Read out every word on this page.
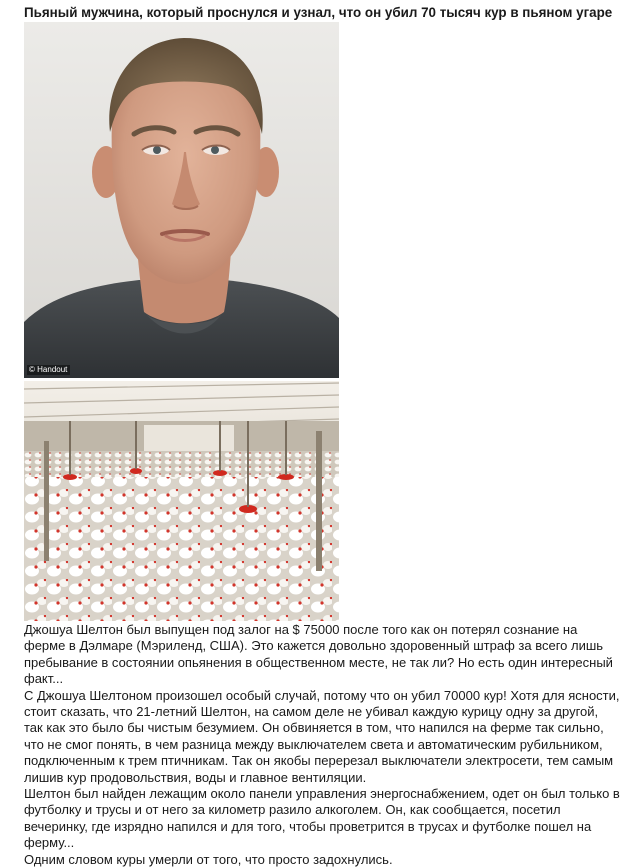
Пьяный мужчина, который проснулся и узнал, что он убил 70 тысяч кур в пьяном угаре
© Handout

Джошуа Шелтон был выпущен под залог на $ 75000 после того как он потерял сознание на ферме в Дэлмаре (Мэриленд, США). Это кажется довольно здоровенный штраф за всего лишь пребывание в состоянии опьянения в общественном месте, не так ли? Но есть один интересный факт...

С Джошуа Шелтоном произошел особый случай, потому что он убил 70000 кур! Хотя для ясности, стоит сказать, что 21-летний Шелтон, на самом деле не убивал каждую курицу одну за другой, так как это было бы чистым безумием. Он обвиняется в том, что напился на ферме так сильно, что не смог понять, в чем разница между выключателем света и автоматическим рубильником, подключенным к трем птичникам. Так он якобы перерезал выключатели электросети, тем самым лишив кур продовольствия, воды и главное вентиляции.

Шелтон был найден лежащим около панели управления энергоснабжением, одет он был только в футболку и трусы и от него за километр разило алкоголем. Он, как сообщается, посетил вечеринку, где изрядно напился и для того, чтобы проветрится в трусах и футболке пошел на ферму...

Одним словом куры умерли от того, что просто задохнулись.
